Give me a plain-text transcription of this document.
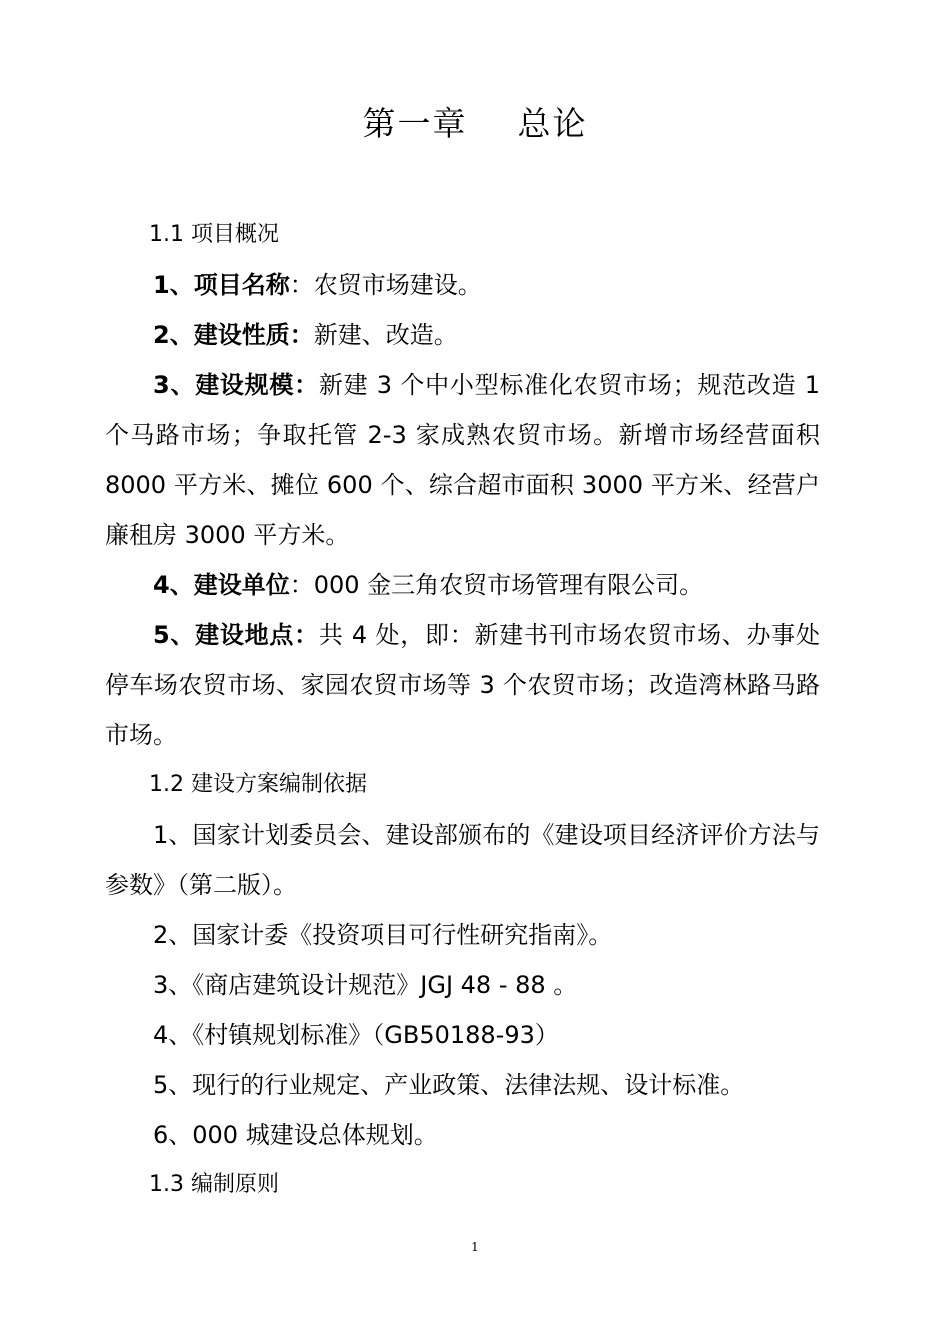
第一章    总论

1.1 项目概况

1、项目名称：农贸市场建设。

2、建设性质：新建、改造。

3、建设规模：新建 3 个中小型标准化农贸市场；规范改造 1 个马路市场；争取托管 2-3 家成熟农贸市场。新增市场经营面积 8000 平方米、摊位 600 个、综合超市面积 3000 平方米、经营户廉租房 3000 平方米。

4、建设单位：000 金三角农贸市场管理有限公司。

5、建设地点：共 4 处，即：新建书刊市场农贸市场、办事处停车场农贸市场、家园农贸市场等 3 个农贸市场；改造湾林路马路市场。

1.2 建设方案编制依据

1、国家计划委员会、建设部颁布的《建设项目经济评价方法与参数》（第二版）。

2、国家计委《投资项目可行性研究指南》。

3、《商店建筑设计规范》JGJ 48 - 88 。

4、《村镇规划标准》（GB50188-93）

5、现行的行业规定、产业政策、法律法规、设计标准。

6、000 城建设总体规划。

1.3 编制原则

1
